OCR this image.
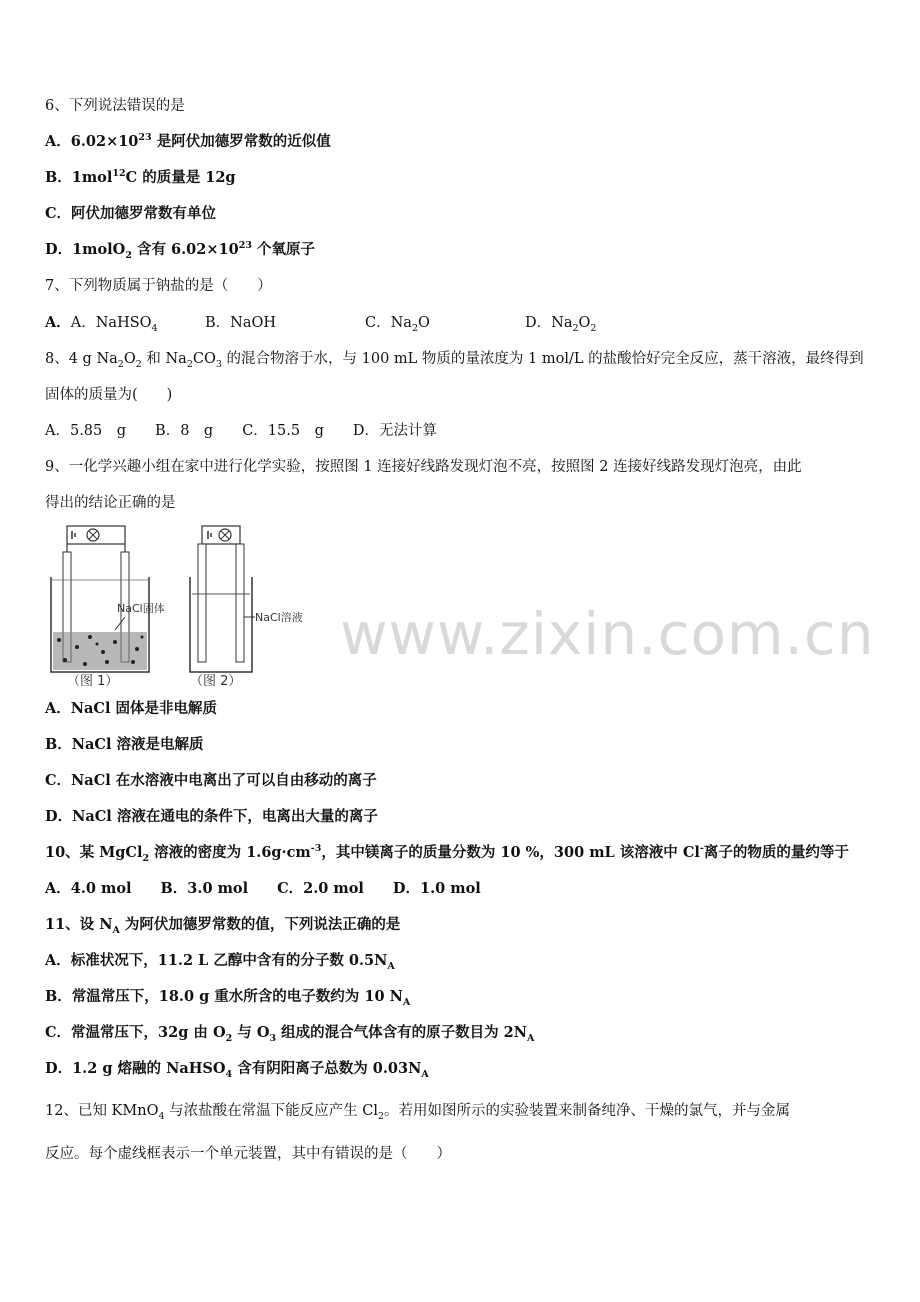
www.zixin.com.cn
6、下列说法错误的是
A．$6.02\times 10^{23}$ 是阿伏加德罗常数的近似值
B．1mol$^{12}$C 的质量是 12g
C．阿伏加德罗常数有单位
D．1molO$_2$ 含有 $6.02\times 10^{23}$ 个氧原子
7、下列物质属于钠盐的是（　　）
A．A．NaHSO$_4$	B．NaOH	C．$Na_2O$	D．$Na_2O_2$
8、4 g $Na_2O_2$ 和 $Na_2CO_3$ 的混合物溶于水，与 100 mL 物质的量浓度为 1 mol/L 的盐酸恰好完全反应，蒸干溶液，最终得到
固体的质量为(　　)
A．5.85　g　　B．8　g　　C．15.5　g　　D．无法计算
9、一化学兴趣小组在家中进行化学实验，按照图 1 连接好线路发现灯泡不亮，按照图 2 连接好线路发现灯泡亮，由此
得出的结论正确的是
NaCl固体
（图 1）
NaCl溶液
（图 2）
A．NaCl 固体是非电解质
B．NaCl 溶液是电解质
C．NaCl 在水溶液中电离出了可以自由移动的离子
D．NaCl 溶液在通电的条件下，电离出大量的离子
10、某 MgCl$_2$ 溶液的密度为 $1.6g\cdot cm^{-3}$，其中镁离子的质量分数为 10 %，300 mL 该溶液中 Cl-离子的物质的量约等于
A．4.0 mol　　B．3.0 mol　　C．2.0 mol　　D．1.0 mol
11、设 $N_A$ 为阿伏加德罗常数的值，下列说法正确的是
A．标准状况下，11.2 L 乙醇中含有的分子数 $0.5N_A$
B．常温常压下，18.0 g 重水所含的电子数约为 10 $N_A$
C．常温常压下，32g 由 $O_2$ 与 $O_3$ 组成的混合气体含有的原子数目为 $2N_A$
D．1.2 g 熔融的 NaHSO$_4$ 含有阴阳离子总数为 $0.03N_A$
12、已知 KMnO$_4$ 与浓盐酸在常温下能反应产生 $Cl_2$。若用如图所示的实验装置来制备纯净、干燥的氯气，并与金属
反应。每个虚线框表示一个单元装置，其中有错误的是（　　）
